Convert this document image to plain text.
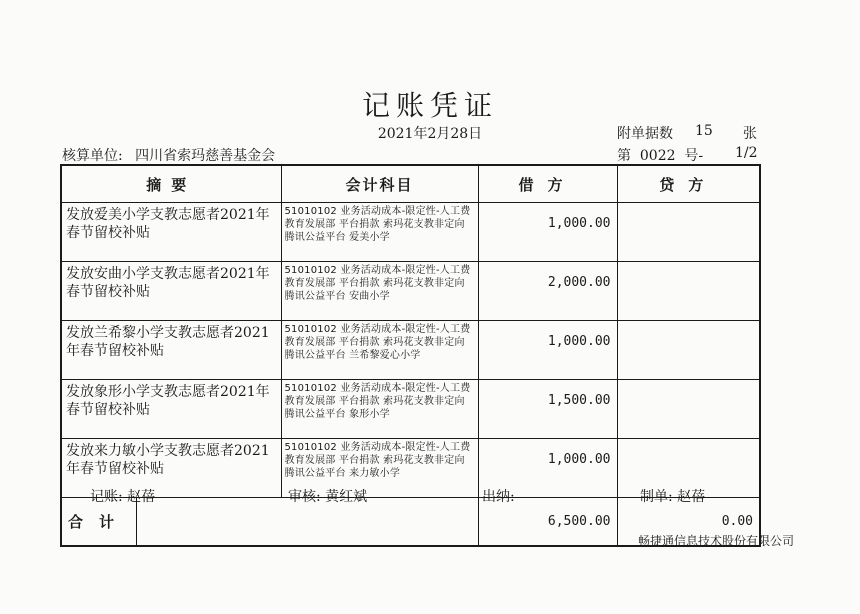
记账凭证
2021年2月28日
核算单位: 四川省索玛慈善基金会
附单据数 15 张
第  0022  号- 1/2
摘要	会计科目	借方	贷方
发放爱美小学支教志愿者2021年春节留校补贴	51010102 业务活动成本-限定性-人工费 教育发展部 平台捐款 索玛花支教非定向 腾讯公益平台 爱美小学	1,000.00	
发放安曲小学支教志愿者2021年春节留校补贴	51010102 业务活动成本-限定性-人工费 教育发展部 平台捐款 索玛花支教非定向 腾讯公益平台 安曲小学	2,000.00	
发放兰希黎小学支教志愿者2021年春节留校补贴	51010102 业务活动成本-限定性-人工费 教育发展部 平台捐款 索玛花支教非定向 腾讯公益平台 兰希黎爱心小学	1,000.00	
发放象形小学支教志愿者2021年春节留校补贴	51010102 业务活动成本-限定性-人工费 教育发展部 平台捐款 索玛花支教非定向 腾讯公益平台 象形小学	1,500.00	
发放来力敏小学支教志愿者2021年春节留校补贴	51010102 业务活动成本-限定性-人工费 教育发展部 平台捐款 索玛花支教非定向 腾讯公益平台 来力敏小学	1,000.00	

合计		6,500.00	0.00
记账: 赵蓓	审核: 黄红斌	出纳:	制单: 赵蓓
畅捷通信息技术股份有限公司
